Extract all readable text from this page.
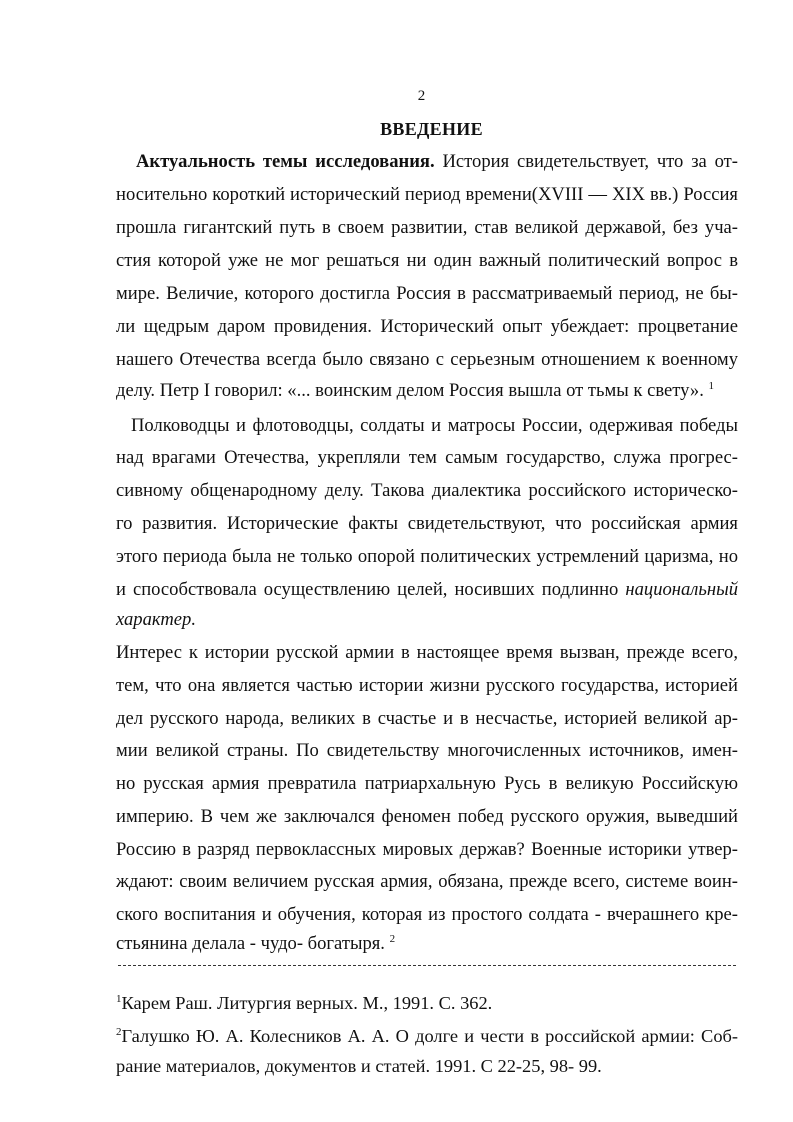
2
ВВЕДЕНИЕ
Актуальность темы исследования. История свидетельствует, что за от-
носительно короткий исторический период времени(XVIII — XIX вв.) Россия
прошла гигантский путь в своем развитии, став великой державой, без уча-
стия которой уже не мог решаться ни один важный политический вопрос в
мире. Величие, которого достигла Россия в рассматриваемый период, не бы-
ли щедрым даром провидения. Исторический опыт убеждает: процветание
нашего Отечества всегда было связано с серьезным отношением к военному
делу. Петр I говорил: «... воинским делом Россия вышла от тьмы к свету». $^1$
Полководцы и флотоводцы, солдаты и матросы России, одерживая победы
над врагами Отечества, укрепляли тем самым государство, служа прогрес-
сивному общенародному делу. Такова диалектика российского историческо-
го развития. Исторические факты свидетельствуют, что российская армия
этого периода была не только опорой политических устремлений царизма, но
и способствовала осуществлению целей, носивших подлинно национальный
характер.
Интерес к истории русской армии в настоящее время вызван, прежде всего,
тем, что она является частью истории жизни русского государства, историей
дел русского народа, великих в счастье и в несчастье, историей великой ар-
мии великой страны. По свидетельству многочисленных источников, имен-
но русская армия превратила патриархальную Русь в великую Российскую
империю. В чем же заключался феномен побед русского оружия, выведший
Россию в разряд первоклассных мировых держав? Военные историки утвер-
ждают: своим величием русская армия, обязана, прежде всего, системе воин-
ского воспитания и обучения, которая из простого солдата - вчерашнего кре-
стьянина делала - чудо- богатыря. $^2$
$^1$Карем Раш. Литургия верных. М., 1991. С. 362.
$^2$Галушко Ю. А. Колесников А. А. О долге и чести в российской армии: Соб-
рание материалов, документов и статей. 1991. С 22-25, 98- 99.
